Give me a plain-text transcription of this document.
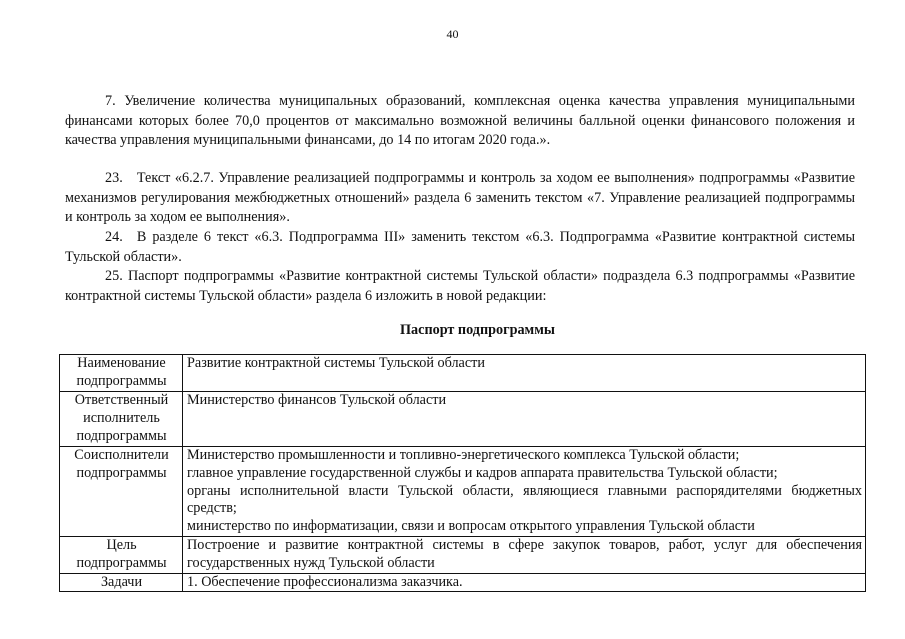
40

7. Увеличение количества муниципальных образований, комплексная оценка качества управления муниципальными финансами которых более 70,0 процентов от максимально возможной величины балльной оценки финансового положения и качества управления муниципальными финансами, до 14 по итогам 2020 года.».

23. Текст «6.2.7. Управление реализацией подпрограммы и контроль за ходом ее выполнения» подпрограммы «Развитие механизмов регулирования межбюджетных отношений» раздела 6 заменить текстом «7. Управление реализацией подпрограммы и контроль за ходом ее выполнения».

24. В разделе 6 текст «6.3. Подпрограмма III» заменить текстом «6.3. Подпрограмма «Развитие контрактной системы Тульской области».

25. Паспорт подпрограммы «Развитие контрактной системы Тульской области» подраздела 6.3 подпрограммы «Развитие контрактной системы Тульской области» раздела 6 изложить в новой редакции:

Паспорт подпрограммы
Наименование подпрограммы	Развитие контрактной системы Тульской области

Ответственный исполнитель подпрограммы	Министерство финансов Тульской области

Соисполнители подпрограммы	Министерство промышленности и топливно-энергетического комплекса Тульской области;
главное управление государственной службы и кадров аппарата правительства Тульской области;
органы исполнительной власти Тульской области, являющиеся главными распорядителями бюджетных средств;
министерство по информатизации, связи и вопросам открытого управления Тульской области

Цель подпрограммы	Построение и развитие контрактной системы в сфере закупок товаров, работ, услуг для обеспечения государственных нужд Тульской области

Задачи	1. Обеспечение профессионализма заказчика.
